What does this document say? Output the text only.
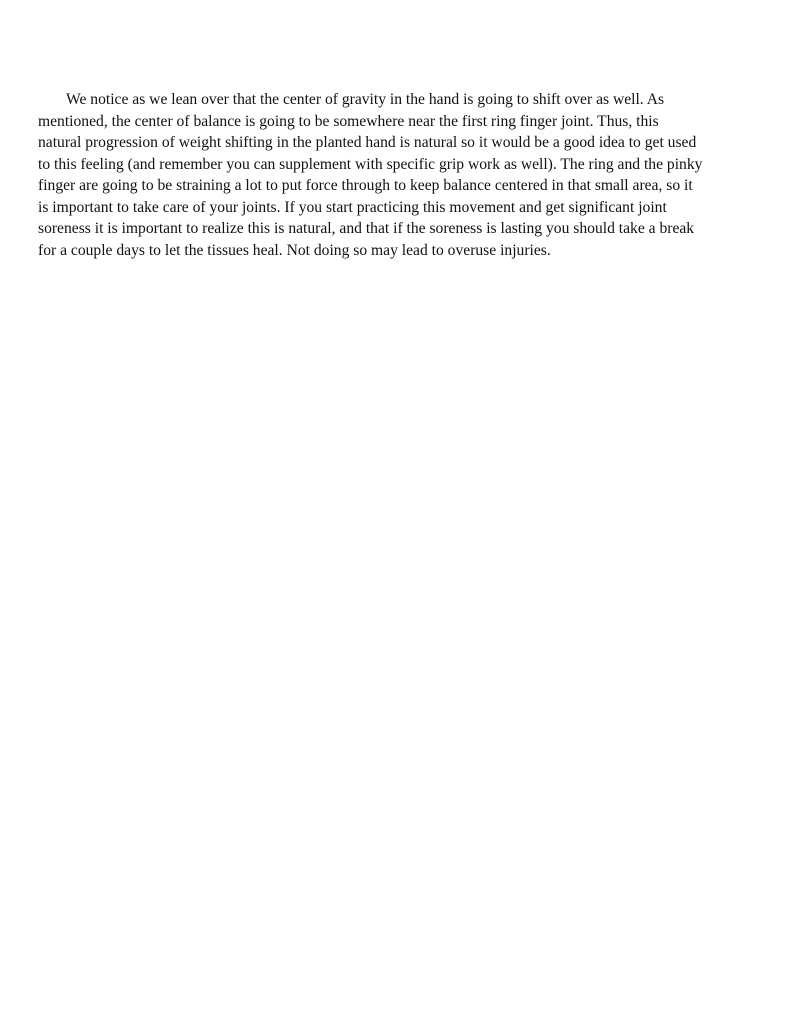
We notice as we lean over that the center of gravity in the hand is going to shift over as well. As
mentioned, the center of balance is going to be somewhere near the first ring finger joint. Thus, this
natural progression of weight shifting in the planted hand is natural so it would be a good idea to get used
to this feeling (and remember you can supplement with specific grip work as well). The ring and the pinky
finger are going to be straining a lot to put force through to keep balance centered in that small area, so it
is important to take care of your joints. If you start practicing this movement and get significant joint
soreness it is important to realize this is natural, and that if the soreness is lasting you should take a break
for a couple days to let the tissues heal. Not doing so may lead to overuse injuries.
